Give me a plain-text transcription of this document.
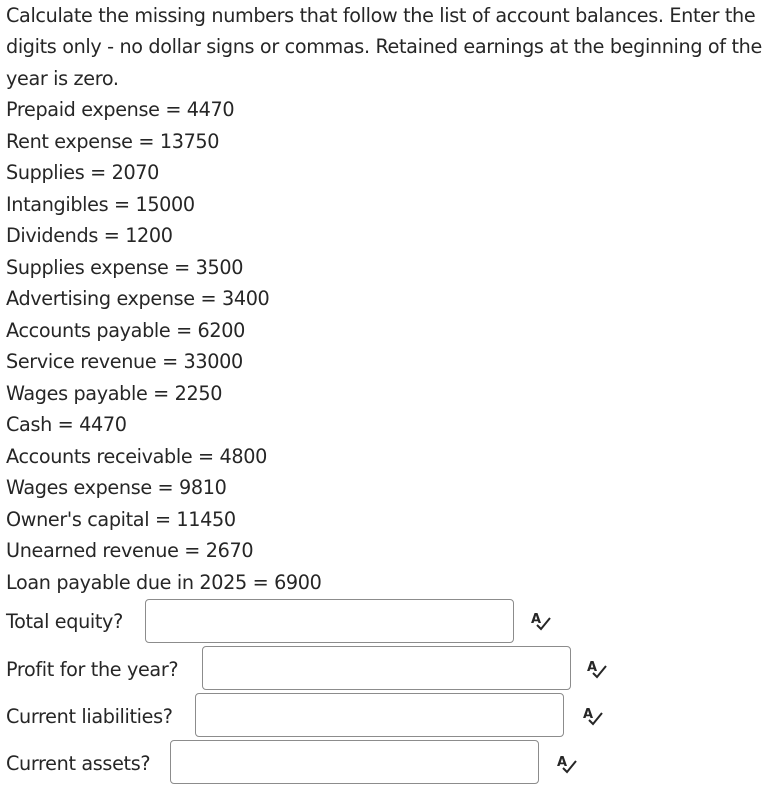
Calculate the missing numbers that follow the list of account balances. Enter the digits only - no dollar signs or commas. Retained earnings at the beginning of the year is zero.

Prepaid expense = 4470
Rent expense = 13750
Supplies = 2070
Intangibles = 15000
Dividends = 1200
Supplies expense = 3500
Advertising expense = 3400
Accounts payable = 6200
Service revenue = 33000
Wages payable = 2250
Cash = 4470
Accounts receivable = 4800
Wages expense = 9810
Owner's capital = 11450
Unearned revenue = 2670
Loan payable due in 2025 = 6900
Total equity?	A
Profit for the year?	A
Current liabilities?	A
Current assets?	A
